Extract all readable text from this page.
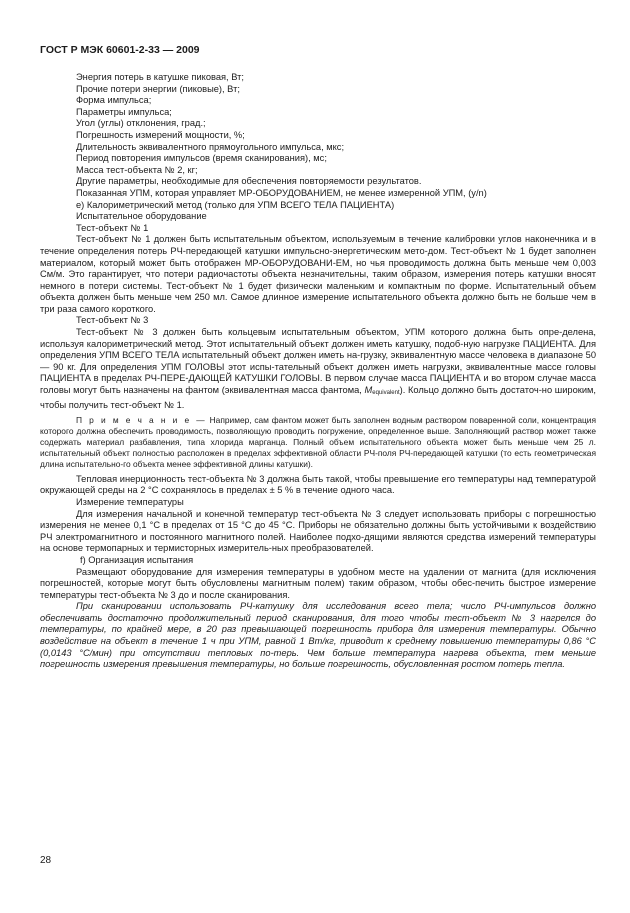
ГОСТ Р МЭК 60601-2-33 — 2009

Энергия потерь в катушке пиковая, Вт;

Прочие потери энергии (пиковые), Вт;

Форма импульса;

Параметры импульса;

Угол (углы) отклонения, град.;

Погрешность измерений мощности, %;

Длительность эквивалентного прямоугольного импульса, мкс;

Период повторения импульсов (время сканирования), мс;

Масса тест-объекта № 2, кг;

Другие параметры, необходимые для обеспечения повторяемости результатов.

Показанная УПМ, которая управляет МР-ОБОРУДОВАНИЕМ, не менее измеренной УПМ, (y/n)

e) Калориметрический метод (только для УПМ ВСЕГО ТЕЛА ПАЦИЕНТА)

Испытательное оборудование

Тест-объект № 1

Тест-объект № 1 должен быть испытательным объектом, используемым в течение калибровки углов наконечника и в течение определения потерь РЧ-передающей катушки импульсно-энергетическим мето-дом. Тест-объект № 1 будет заполнен материалом, который может быть отображен МР-ОБОРУДОВАНИ-ЕМ, но чья проводимость должна быть меньше чем 0,003 См/м. Это гарантирует, что потери радиочастоты объекта незначительны, таким образом, измерения потерь катушки вносят немного в потери системы. Тест-объект № 1 будет физически маленьким и компактным по форме. Испытательный объем объекта должен быть меньше чем 250 мл. Самое длинное измерение испытательного объекта должно быть не больше чем в три раза самого короткого.

Тест-объект № 3

Тест-объект № 3 должен быть кольцевым испытательным объектом, УПМ которого должна быть опре-делена, используя калориметрический метод. Этот испытательный объект должен иметь катушку, подоб-ную нагрузке ПАЦИЕНТА. Для определения УПМ ВСЕГО ТЕЛА испытательный объект должен иметь на-грузку, эквивалентную массе человека в диапазоне 50 — 90 кг. Для определения УПМ ГОЛОВЫ этот испы-тательный объект должен иметь нагрузки, эквивалентные массе головы ПАЦИЕНТА в пределах РЧ-ПЕРЕ-ДАЮЩЕЙ КАТУШКИ ГОЛОВЫ. В первом случае масса ПАЦИЕНТА и во втором случае масса головы могут быть назначены на фантом (эквивалентная масса фантома, Mequivalent). Кольцо должно быть достаточ-но широким, чтобы получить тест-объект № 1.

П р и м е ч а н и е — Например, сам фантом может быть заполнен водным раствором поваренной соли, концентрация которого должна обеспечить проводимость, позволяющую проводить погружение, определенное выше. Заполняющий раствор может также содержать материал разбавления, типа хлорида марганца. Полный объем испытательного объекта может быть меньше чем 25 л. испытательный объект полностью расположен в пределах эффективной области РЧ-поля РЧ-передающей катушки (то есть геометрическая длина испытательно-го объекта менее эффективной длины катушки).

Тепловая инерционность тест-объекта № 3 должна быть такой, чтобы превышение его температуры над температурой окружающей среды на 2 °С сохранялось в пределах ± 5 % в течение одного часа.

Измерение температуры

Для измерения начальной и конечной температур тест-объекта № 3 следует использовать приборы с погрешностью измерения не менее 0,1 °С в пределах от 15 °С до 45 °С. Приборы не обязательно должны быть устойчивыми к воздействию РЧ электромагнитного и постоянного магнитного полей. Наиболее подхо-дящими являются средства измерений температуры на основе термопарных и термисторных измеритель-ных преобразователей.

f) Организация испытания

Размещают оборудование для измерения температуры в удобном месте на удалении от магнита (для исключения погрешностей, которые могут быть обусловлены магнитным полем) таким образом, чтобы обес-печить быстрое измерение температуры тест-объекта № 3 до и после сканирования.

При сканировании использовать РЧ-катушку для исследования всего тела; число РЧ-импульсов должно обеспечивать достаточно продолжительный период сканирования, для того чтобы тест-объект № 3 нагрелся до температуры, по крайней мере, в 20 раз превышающей погрешность прибора для измерения температуры. Обычно воздействие на объект в течение 1 ч при УПМ, равной 1 Вт/кг, приводит к среднему повышению температуры 0,86 °С (0,0143 °С/мин) при отсутствии тепловых по-терь. Чем больше температура нагрева объекта, тем меньше погрешность измерения превышения температуры, но больше погрешность, обусловленная ростом потерь тепла.

28
